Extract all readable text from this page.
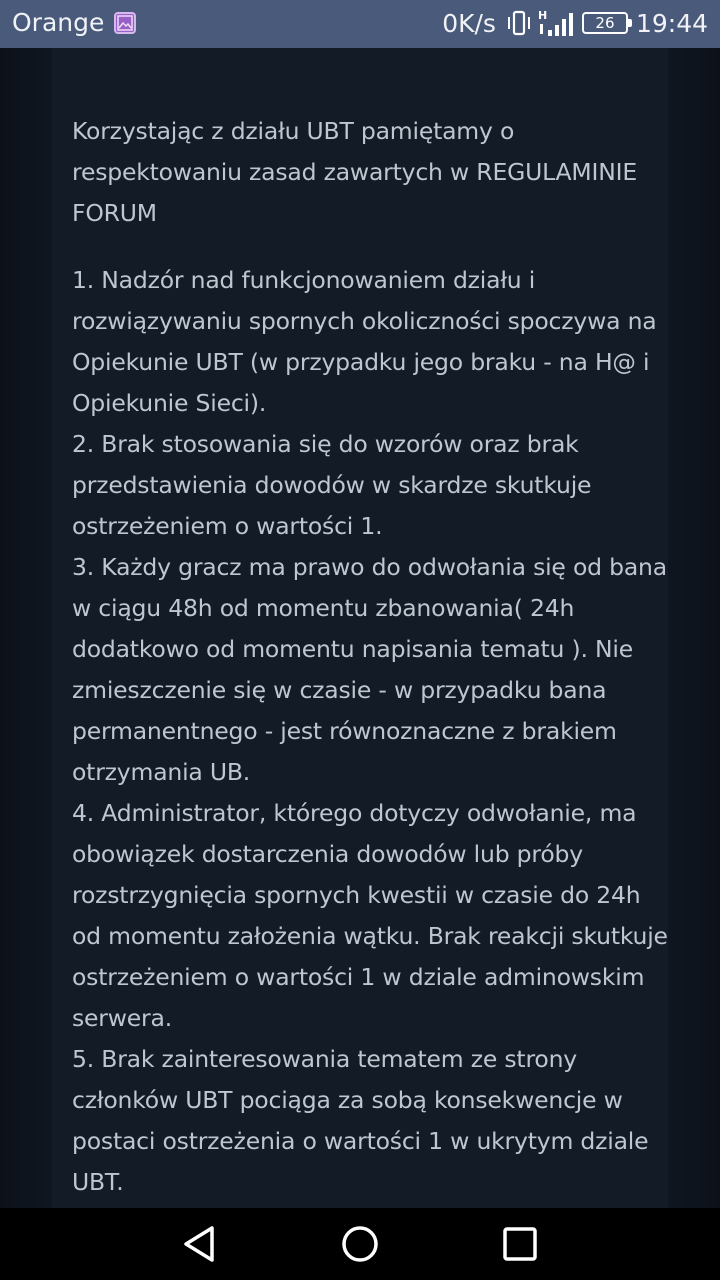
Orange	0K/s	H	26 19:44

Korzystając z działu UBT pamiętamy o respektowaniu zasad zawartych w REGULAMINIE FORUM

1. Nadzór nad funkcjonowaniem działu i rozwiązywaniu spornych okoliczności spoczywa na Opiekunie UBT (w przypadku jego braku - na H@ i Opiekunie Sieci).

2. Brak stosowania się do wzorów oraz brak przedstawienia dowodów w skardze skutkuje ostrzeżeniem o wartości 1.

3. Każdy gracz ma prawo do odwołania się od bana w ciągu 48h od momentu zbanowania( 24h dodatkowo od momentu napisania tematu ). Nie zmieszczenie się w czasie - w przypadku bana permanentnego - jest równoznaczne z brakiem otrzymania UB.

4. Administrator, którego dotyczy odwołanie, ma obowiązek dostarczenia dowodów lub próby rozstrzygnięcia spornych kwestii w czasie do 24h od momentu założenia wątku. Brak reakcji skutkuje ostrzeżeniem o wartości 1 w dziale adminowskim serwera.

5. Brak zainteresowania tematem ze strony członków UBT pociąga za sobą konsekwencje w postaci ostrzeżenia o wartości 1 w ukrytym dziale UBT.
